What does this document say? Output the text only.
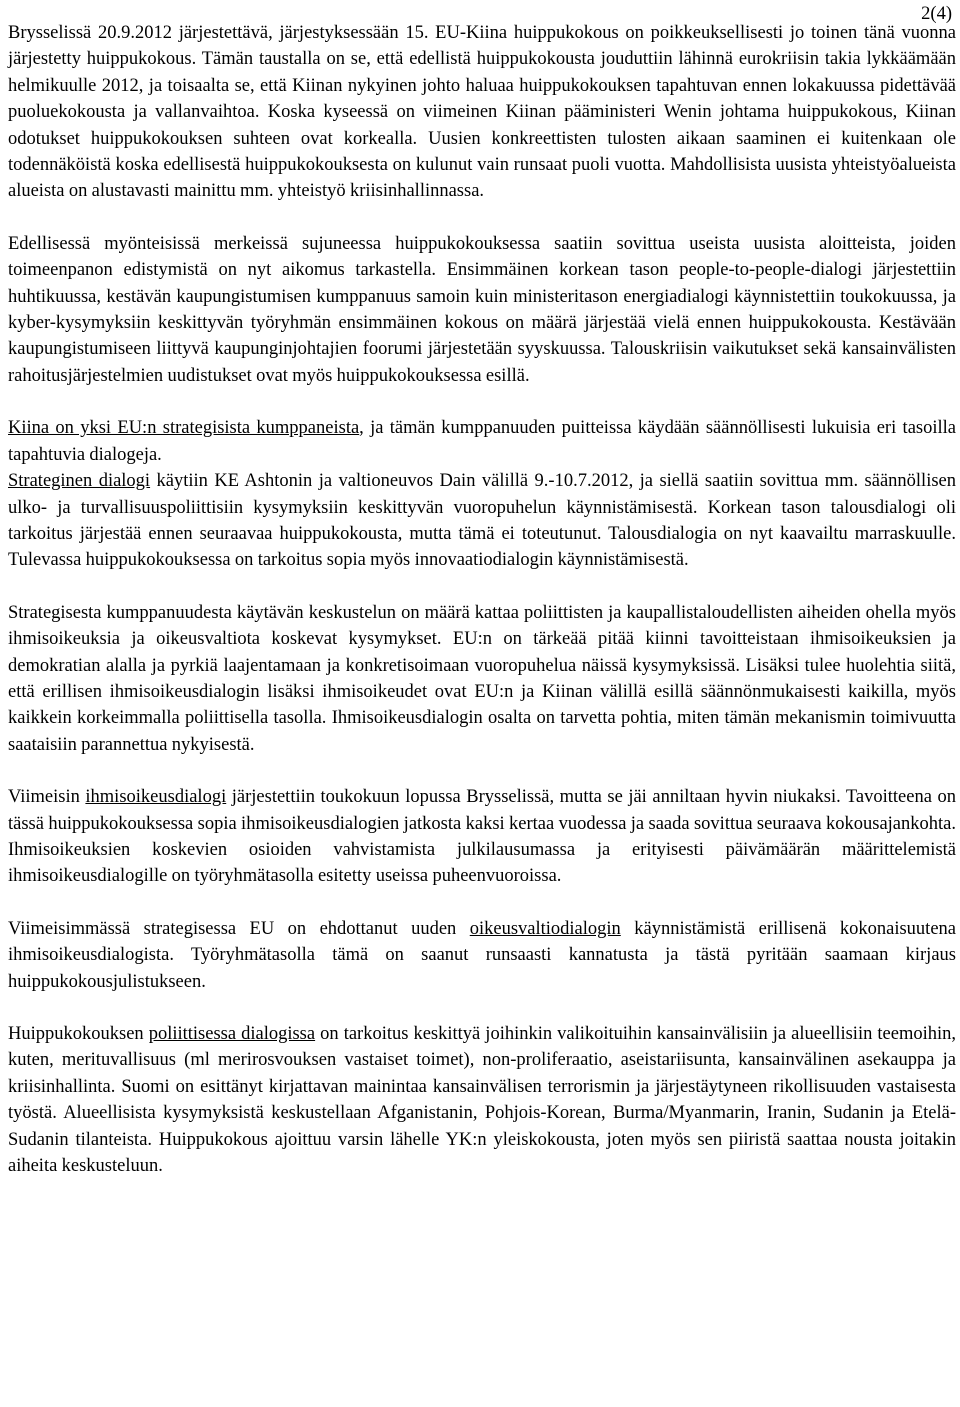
2(4)

Brysselissä 20.9.2012 järjestettävä, järjestyksessään 15. EU-Kiina huippukokous on poikkeuksellisesti jo toinen tänä vuonna järjestetty huippukokous. Tämän taustalla on se, että edellistä huippukokousta jouduttiin lähinnä eurokriisin takia lykkäämään helmikuulle 2012, ja toisaalta se, että Kiinan nykyinen johto haluaa huippukokouksen tapahtuvan ennen lokakuussa pidettävää puoluekokousta ja vallanvaihtoa. Koska kyseessä on viimeinen Kiinan pääministeri Wenin johtama huippukokous, Kiinan odotukset huippukokouksen suhteen ovat korkealla. Uusien konkreettisten tulosten aikaan saaminen ei kuitenkaan ole todennäköistä koska edellisestä huippukokouksesta on kulunut vain runsaat puoli vuotta. Mahdollisista uusista yhteistyöalueista alueista on alustavasti mainittu mm. yhteistyö kriisinhallinnassa.

Edellisessä myönteisissä merkeissä sujuneessa huippukokouksessa saatiin sovittua useista uusista aloitteista, joiden toimeenpanon edistymistä on nyt aikomus tarkastella. Ensimmäinen korkean tason people-to-people-dialogi järjestettiin huhtikuussa, kestävän kaupungistumisen kumppanuus samoin kuin ministeritason energiadialogi käynnistettiin toukokuussa, ja kyber-kysymyksiin keskittyvän työryhmän ensimmäinen kokous on määrä järjestää vielä ennen huippukokousta. Kestävään kaupungistumiseen liittyvä kaupunginjohtajien foorumi järjestetään syyskuussa. Talouskriisin vaikutukset sekä kansainvälisten rahoitusjärjestelmien uudistukset ovat myös huippukokouksessa esillä.

Kiina on yksi EU:n strategisista kumppaneista, ja tämän kumppanuuden puitteissa käydään säännöllisesti lukuisia eri tasoilla tapahtuvia dialogeja.
Strateginen dialogi käytiin KE Ashtonin ja valtioneuvos Dain välillä 9.-10.7.2012, ja siellä saatiin sovittua mm. säännöllisen ulko- ja turvallisuuspoliittisiin kysymyksiin keskittyvän vuoropuhelun käynnistämisestä. Korkean tason talousdialogi oli tarkoitus järjestää ennen seuraavaa huippukokousta, mutta tämä ei toteutunut. Talousdialogia on nyt kaavailtu marraskuulle. Tulevassa huippukokouksessa on tarkoitus sopia myös innovaatiodialogin käynnistämisestä.

Strategisesta kumppanuudesta käytävän keskustelun on määrä kattaa poliittisten ja kaupallistaloudellisten aiheiden ohella myös ihmisoikeuksia ja oikeusvaltiota koskevat kysymykset. EU:n on tärkeää pitää kiinni tavoitteistaan ihmisoikeuksien ja demokratian alalla ja pyrkiä laajentamaan ja konkretisoimaan vuoropuhelua näissä kysymyksissä. Lisäksi tulee huolehtia siitä, että erillisen ihmisoikeusdialogin lisäksi ihmisoikeudet ovat EU:n ja Kiinan välillä esillä säännönmukaisesti kaikilla, myös kaikkein korkeimmalla poliittisella tasolla. Ihmisoikeusdialogin osalta on tarvetta pohtia, miten tämän mekanismin toimivuutta saataisiin parannettua nykyisestä.

Viimeisin ihmisoikeusdialogi järjestettiin toukokuun lopussa Brysselissä, mutta se jäi anniltaan hyvin niukaksi. Tavoitteena on tässä huippukokouksessa sopia ihmisoikeusdialogien jatkosta kaksi kertaa vuodessa ja saada sovittua seuraava kokousajankohta. Ihmisoikeuksien koskevien osioiden vahvistamista julkilausumassa ja erityisesti päivämäärän määrittelemistä ihmisoikeusdialogille on työryhmätasolla esitetty useissa puheenvuoroissa.

Viimeisimmässä strategisessa EU on ehdottanut uuden oikeusvaltiodialogin käynnistämistä erillisenä kokonaisuutena ihmisoikeusdialogista. Työryhmätasolla tämä on saanut runsaasti kannatusta ja tästä pyritään saamaan kirjaus huippukokousjulistukseen.

Huippukokouksen poliittisessa dialogissa on tarkoitus keskittyä joihinkin valikoituihin kansainvälisiin ja alueellisiin teemoihin, kuten, merituvallisuus (ml merirosvouksen vastaiset toimet), non-proliferaatio, aseistariisunta, kansainvälinen asekauppa ja kriisinhallinta. Suomi on esittänyt kirjattavan mainintaa kansainvälisen terrorismin ja järjestäytyneen rikollisuuden vastaisesta työstä. Alueellisista kysymyksistä keskustellaan Afganistanin, Pohjois-Korean, Burma/Myanmarin, Iranin, Sudanin ja Etelä-Sudanin tilanteista. Huippukokous ajoittuu varsin lähelle YK:n yleiskokousta, joten myös sen piiristä saattaa nousta joitakin aiheita keskusteluun.
